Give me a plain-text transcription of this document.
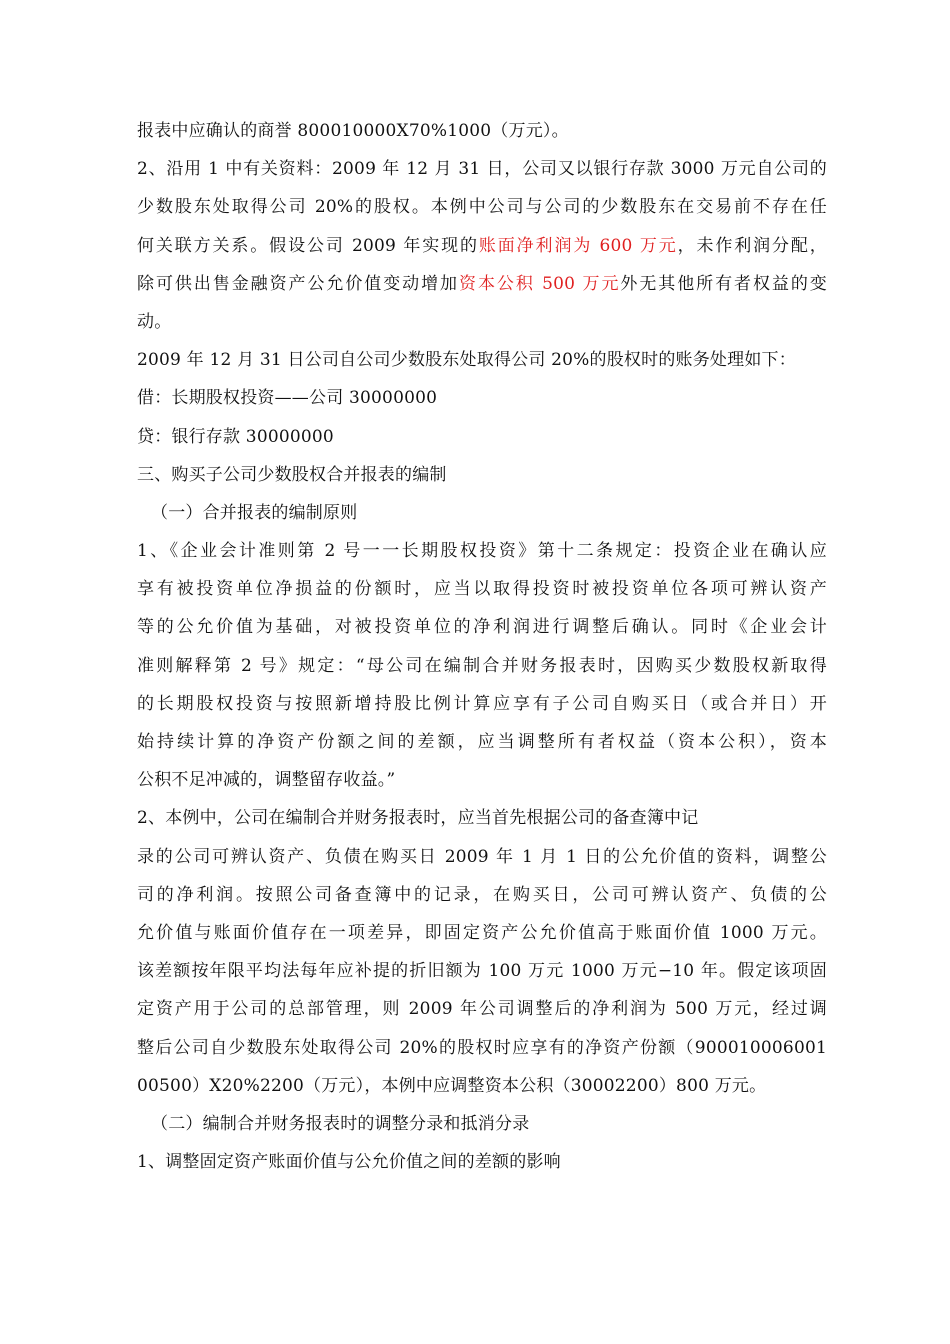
报表中应确认的商誉 800010000X70%1000（万元）。
2、沿用 1 中有关资料：2009 年 12 月 31 日，公司又以银行存款 3000 万元自公司的
少数股东处取得公司 20%的股权。本例中公司与公司的少数股东在交易前不存在任
何关联方关系。假设公司 2009 年实现的账面净利润为 600 万元，未作利润分配，
除可供出售金融资产公允价值变动增加资本公积 500 万元外无其他所有者权益的变
动。
2009 年 12 月 31 日公司自公司少数股东处取得公司 20%的股权时的账务处理如下：
借：长期股权投资——公司 30000000
贷：银行存款 30000000
三、购买子公司少数股权合并报表的编制
（一）合并报表的编制原则
1、《企业会计准则第 2 号一一长期股权投资》第十二条规定：投资企业在确认应
享有被投资单位净损益的份额时，应当以取得投资时被投资单位各项可辨认资产
等的公允价值为基础，对被投资单位的净利润进行调整后确认。同时《企业会计
准则解释第 2 号》规定：“母公司在编制合并财务报表时，因购买少数股权新取得
的长期股权投资与按照新增持股比例计算应享有子公司自购买日（或合并日）开
始持续计算的净资产份额之间的差额，应当调整所有者权益（资本公积），资本
公积不足冲减的，调整留存收益。”
2、本例中，公司在编制合并财务报表时，应当首先根据公司的备查簿中记
录的公司可辨认资产、负债在购买日 2009 年 1 月 1 日的公允价值的资料，调整公
司的净利润。按照公司备查簿中的记录，在购买日，公司可辨认资产、负债的公
允价值与账面价值存在一项差异，即固定资产公允价值高于账面价值 1000 万元。
该差额按年限平均法每年应补提的折旧额为 100 万元 1000 万元−10 年。假定该项固
定资产用于公司的总部管理，则 2009 年公司调整后的净利润为 500 万元，经过调
整后公司自少数股东处取得公司 20%的股权时应享有的净资产份额（900010006001
00500）X20%2200（万元），本例中应调整资本公积（30002200）800 万元。
（二）编制合并财务报表时的调整分录和抵消分录
1、调整固定资产账面价值与公允价值之间的差额的影响
